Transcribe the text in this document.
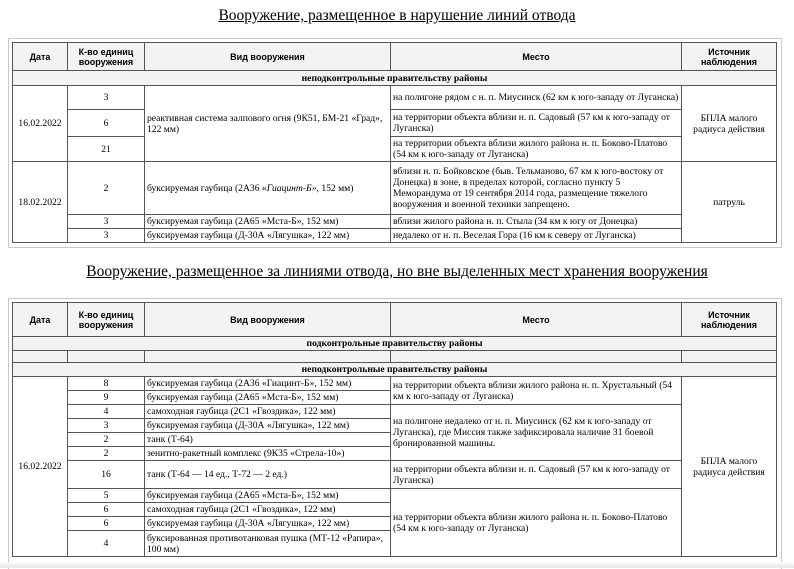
Вооружение, размещенное в нарушение линий отвода
Дата	К-во единиц вооружения	Вид вооружения	Место	Источник наблюдения
неподконтрольные правительству районы				
16.02.2022	3	реактивная система залпового огня (9К51, БМ-21 «Град», 122 мм)	на полигоне рядом с н. п. Миусинск (62 км к юго-западу от Луганска)	БПЛА малого радиуса действия
	6		на территории объекта вблизи н. п. Садовый (57 км к юго-западу от Луганска)	
	21		на территории объекта вблизи жилого района н. п. Боково-Платово (54 км к юго-западу от Луганска)	
18.02.2022	2	буксируемая гаубица (2А36 «Гиацинт-Б», 152 мм)	вблизи н. п. Бойковское (быв. Тельманово, 67 км к юго-востоку от Донецка) в зоне, в пределах которой, согласно пункту 5 Меморандума от 19 сентября 2014 года, размещение тяжелого вооружения и военной техники запрещено.	патруль
	3	буксируемая гаубица (2А65 «Мста-Б», 152 мм)	вблизи жилого района н. п. Стыла (34 км к югу от Донецка)	
	3	буксируемая гаубица (Д-30А «Лягушка», 122 мм)	недалеко от н. п. Веселая Гора (16 км к северу от Луганска)	
Вооружение, размещенное за линиями отвода, но вне выделенных мест хранения вооружения
Дата	К-во единиц вооружения	Вид вооружения	Место	Источник наблюдения
подконтрольные правительству районы				

неподконтрольные правительству районы				
16.02.2022	8	буксируемая гаубица (2А36 «Гиацинт-Б», 152 мм)	на территории объекта вблизи жилого района н. п. Хрустальный (54 км к юго-западу от Луганска)	БПЛА малого радиуса действия
	9	буксируемая гаубица (2А65 «Мста-Б», 152 мм)		
	4	самоходная гаубица (2С1 «Гвоздика», 122 мм)	на полигоне недалеко от н. п. Миусинск (62 км к юго-западу от Луганска), где Миссия также зафиксировала наличие 31 боевой бронированной машины.	
	3	буксируемая гаубица (Д-30А «Лягушка», 122 мм)		
	2	танк (Т-64)		
	2	зенитно-ракетный комплекс (9К35 «Стрела-10»)		
	16	танк (Т-64 — 14 ед., Т-72 — 2 ед.)	на территории объекта вблизи н. п. Садовый (57 км к юго-западу от Луганска)	
	5	буксируемая гаубица (2А65 «Мста-Б», 152 мм)	на территории объекта вблизи жилого района н. п. Боково-Платово (54 км к юго-западу от Луганска)	
	6	самоходная гаубица (2С1 «Гвоздика», 122 мм)		
	6	буксируемая гаубица (Д-30А «Лягушка», 122 мм)		
	4	буксированная противотанковая пушка (МТ-12 «Рапира», 100 мм)		
